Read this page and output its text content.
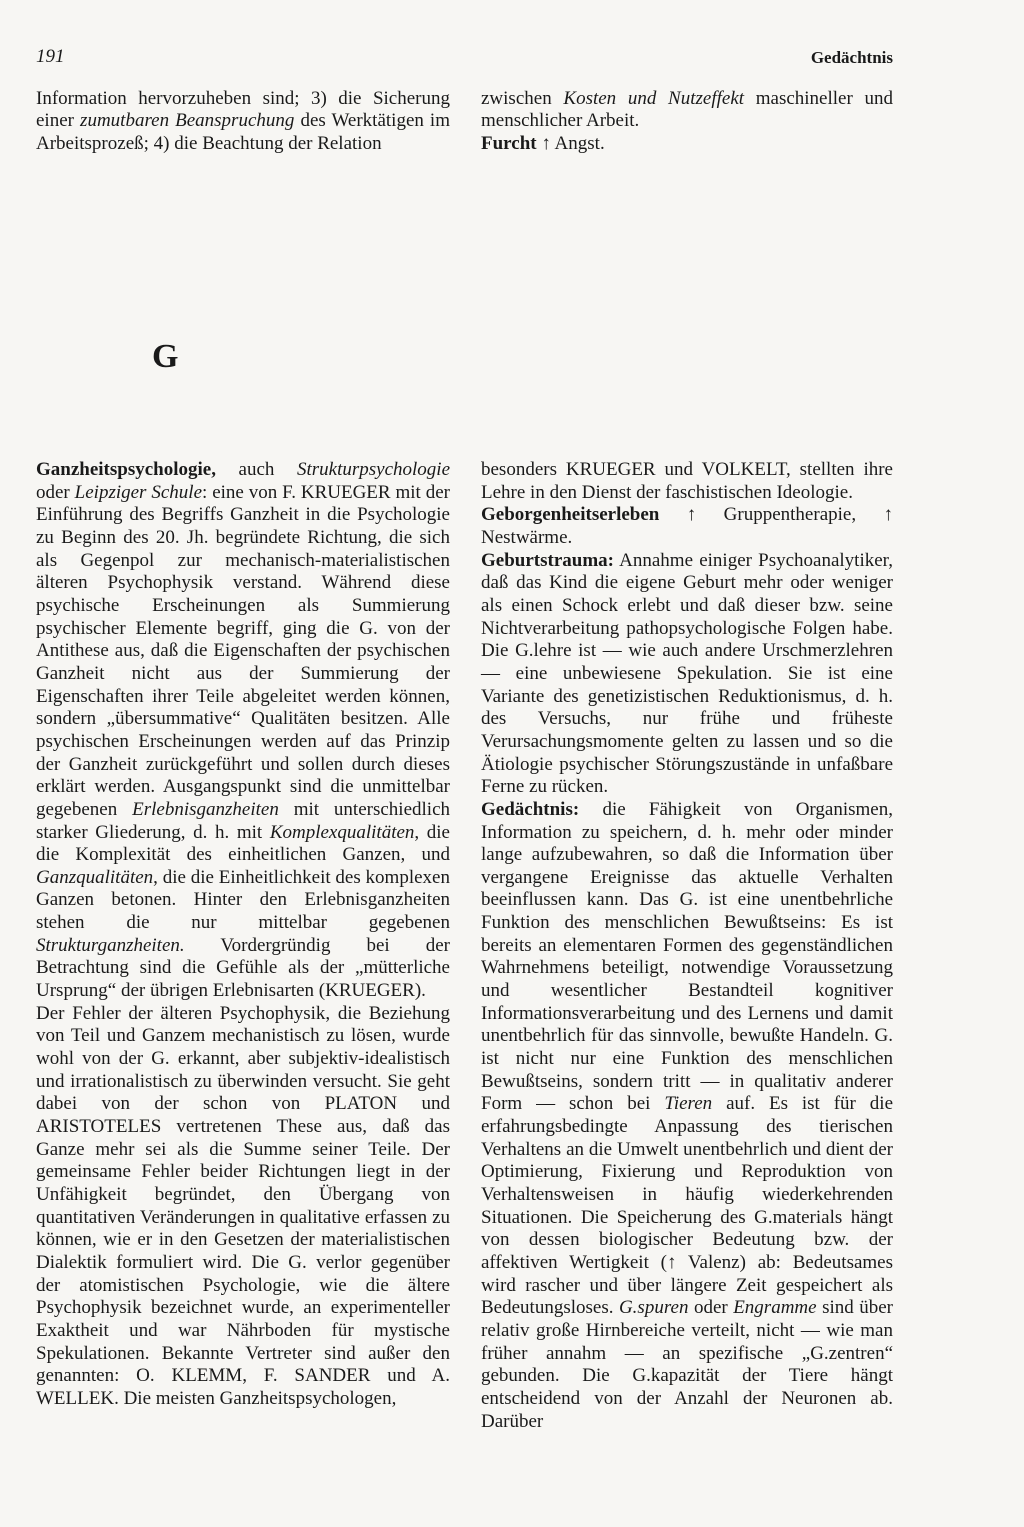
191	Gedächtnis

Information hervorzuheben sind; 3) die Sicherung einer zumutbaren Beanspruchung des Werktätigen im Arbeitsprozeß; 4) die Beachtung der Relation

zwischen Kosten und Nutzeffekt maschineller und menschlicher Arbeit.

Furcht ↑ Angst.

G

Ganzheitspsychologie, auch Strukturpsychologie oder Leipziger Schule: eine von F. KRUEGER mit der Einführung des Begriffs Ganzheit in die Psychologie zu Beginn des 20. Jh. begründete Richtung, die sich als Gegenpol zur mechanisch-materialistischen älteren Psychophysik verstand. Während diese psychische Erscheinungen als Summierung psychischer Elemente begriff, ging die G. von der Antithese aus, daß die Eigenschaften der psychischen Ganzheit nicht aus der Summierung der Eigenschaften ihrer Teile abgeleitet werden können, sondern „übersummative“ Qualitäten besitzen. Alle psychischen Erscheinungen werden auf das Prinzip der Ganzheit zurückgeführt und sollen durch dieses erklärt werden. Ausgangspunkt sind die unmittelbar gegebenen Erlebnisganzheiten mit unterschiedlich starker Gliederung, d. h. mit Komplexqualitäten, die die Komplexität des einheitlichen Ganzen, und Ganzqualitäten, die die Einheitlichkeit des komplexen Ganzen betonen. Hinter den Erlebnisganzheiten stehen die nur mittelbar gegebenen Strukturganzheiten. Vordergründig bei der Betrachtung sind die Gefühle als der „mütterliche Ursprung“ der übrigen Erlebnisarten (KRUEGER).

Der Fehler der älteren Psychophysik, die Beziehung von Teil und Ganzem mechanistisch zu lösen, wurde wohl von der G. erkannt, aber subjektiv-idealistisch und irrationalistisch zu überwinden versucht. Sie geht dabei von der schon von PLATON und ARISTOTELES vertretenen These aus, daß das Ganze mehr sei als die Summe seiner Teile. Der gemeinsame Fehler beider Richtungen liegt in der Unfähigkeit begründet, den Übergang von quantitativen Veränderungen in qualitative erfassen zu können, wie er in den Gesetzen der materialistischen Dialektik formuliert wird. Die G. verlor gegenüber der atomistischen Psychologie, wie die ältere Psychophysik bezeichnet wurde, an experimenteller Exaktheit und war Nährboden für mystische Spekulationen. Bekannte Vertreter sind außer den genannten: O. KLEMM, F. SANDER und A. WELLEK. Die meisten Ganzheitspsychologen,

besonders KRUEGER und VOLKELT, stellten ihre Lehre in den Dienst der faschistischen Ideologie.

Geborgenheitserleben ↑ Gruppentherapie, ↑ Nestwärme.

Geburtstrauma: Annahme einiger Psychoanalytiker, daß das Kind die eigene Geburt mehr oder weniger als einen Schock erlebt und daß dieser bzw. seine Nichtverarbeitung pathopsychologische Folgen habe. Die G.lehre ist — wie auch andere Urschmerzlehren — eine unbewiesene Spekulation. Sie ist eine Variante des genetizistischen Reduktionismus, d. h. des Versuchs, nur frühe und früheste Verursachungsmomente gelten zu lassen und so die Ätiologie psychischer Störungszustände in unfaßbare Ferne zu rücken.

Gedächtnis: die Fähigkeit von Organismen, Information zu speichern, d. h. mehr oder minder lange aufzubewahren, so daß die Information über vergangene Ereignisse das aktuelle Verhalten beeinflussen kann. Das G. ist eine unentbehrliche Funktion des menschlichen Bewußtseins: Es ist bereits an elementaren Formen des gegenständlichen Wahrnehmens beteiligt, notwendige Voraussetzung und wesentlicher Bestandteil kognitiver Informationsverarbeitung und des Lernens und damit unentbehrlich für das sinnvolle, bewußte Handeln. G. ist nicht nur eine Funktion des menschlichen Bewußtseins, sondern tritt — in qualitativ anderer Form — schon bei Tieren auf. Es ist für die erfahrungsbedingte Anpassung des tierischen Verhaltens an die Umwelt unentbehrlich und dient der Optimierung, Fixierung und Reproduktion von Verhaltensweisen in häufig wiederkehrenden Situationen. Die Speicherung des G.materials hängt von dessen biologischer Bedeutung bzw. der affektiven Wertigkeit (↑ Valenz) ab: Bedeutsames wird rascher und über längere Zeit gespeichert als Bedeutungsloses. G.spuren oder Engramme sind über relativ große Hirnbereiche verteilt, nicht — wie man früher annahm — an spezifische „G.zentren“ gebunden. Die G.kapazität der Tiere hängt entscheidend von der Anzahl der Neuronen ab. Darüber
